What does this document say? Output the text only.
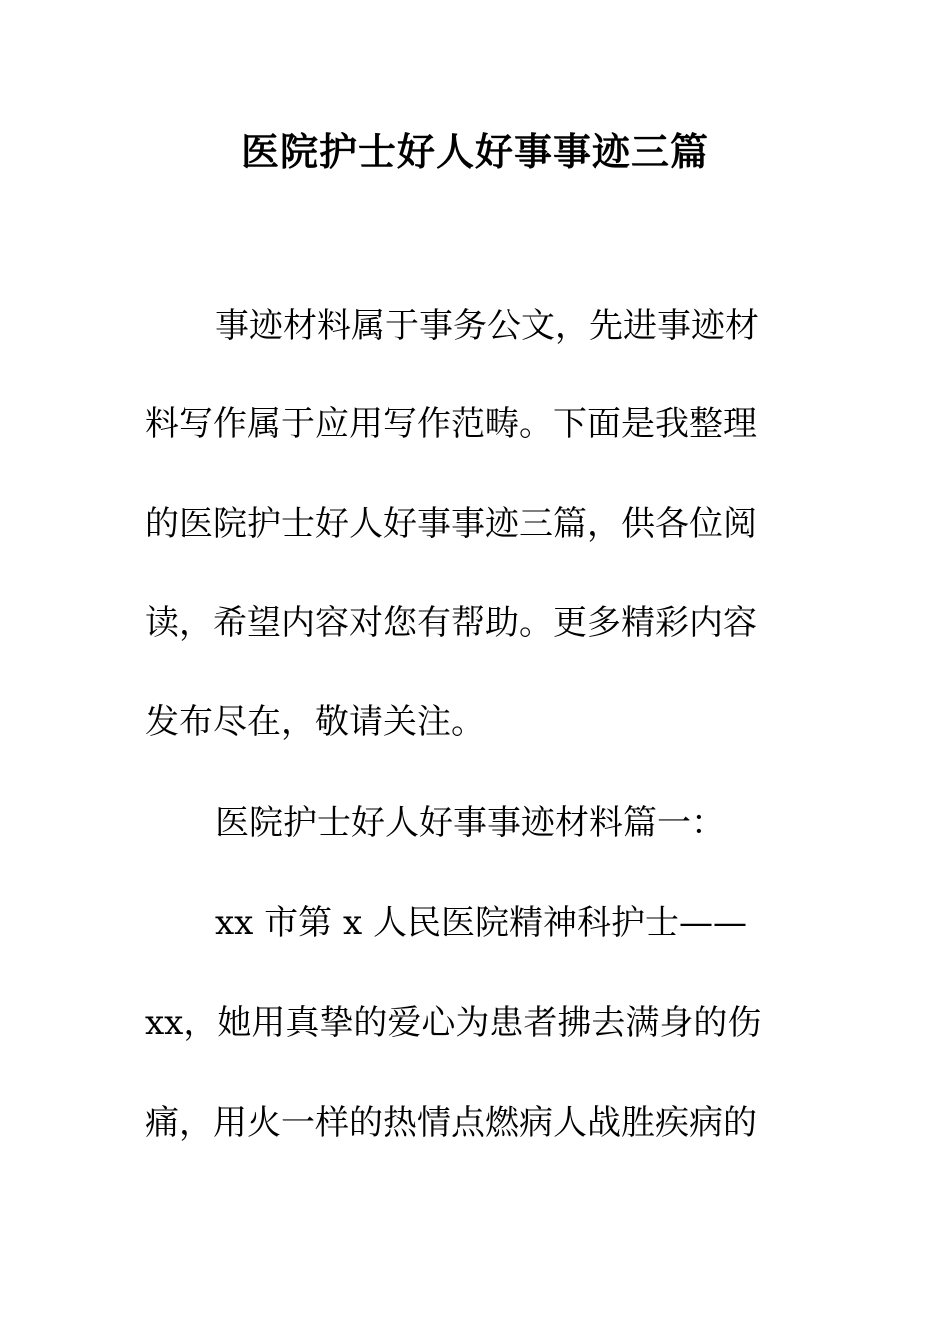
医院护士好人好事事迹三篇

事迹材料属于事务公文，先进事迹材

料写作属于应用写作范畴。下面是我整理

的医院护士好人好事事迹三篇，供各位阅

读，希望内容对您有帮助。更多精彩内容

发布尽在，敬请关注。

医院护士好人好事事迹材料篇一：

xx 市第 x 人民医院精神科护士——

xx，她用真挚的爱心为患者拂去满身的伤

痛，用火一样的热情点燃病人战胜疾病的
